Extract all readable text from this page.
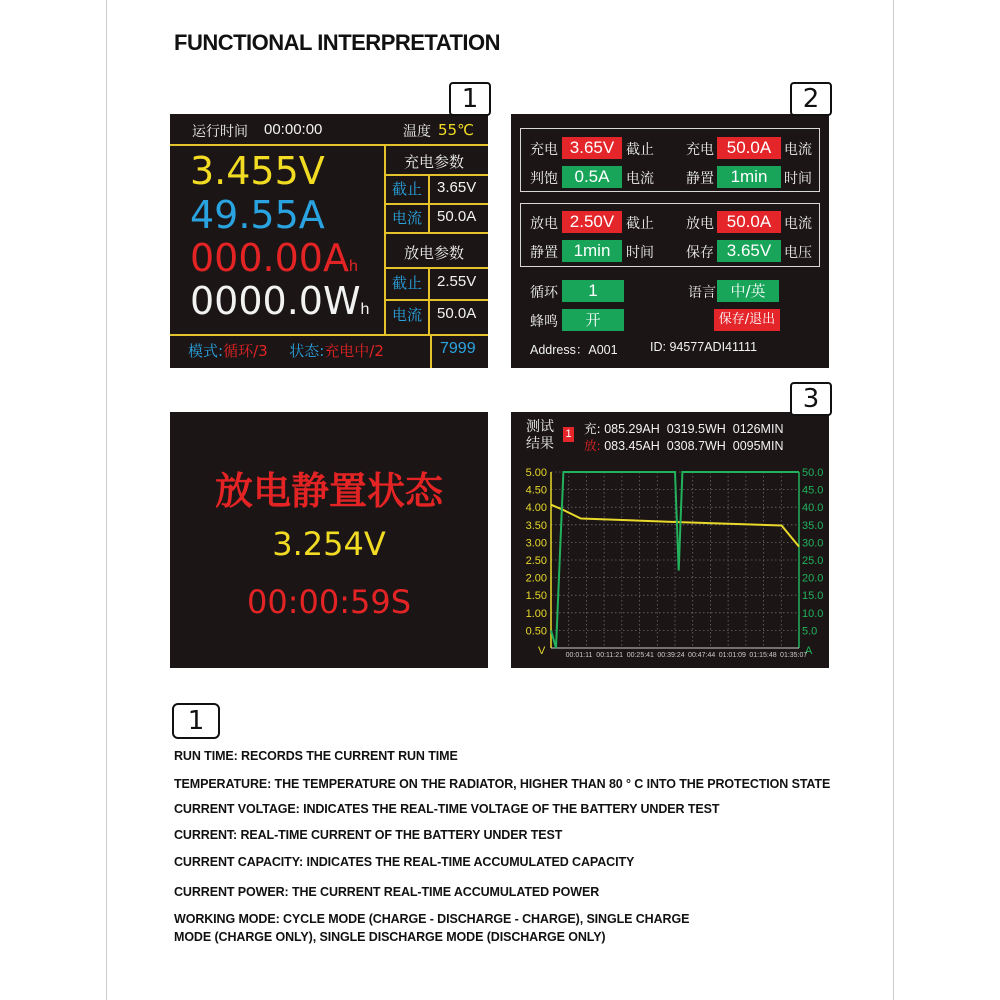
FUNCTIONAL INTERPRETATION
运行时间 00:00:00	温度 55℃
3.455V
49.55A
000.00Ah
0000.0Wh
充电参数
截止 3.65V
电流 50.0A
放电参数
截止 2.55V
电流 50.0A
模式:循环/3 状态:充电中/2	7999
1
充电 3.65V 截止 充电 50.0A 电流
判饱 0.5A	电流 静置 1min	时间
放电 2.50V 截止 放电 50.0A 电流
静置 1min	时间 保存 3.65V 电压
循环	1	语言 中/英
蜂鸣	开	保存/退出
Address：A001	ID: 94577ADI41111
2
放电静置状态
3.254V
00:00:59S
测试
结果
1 充: 085.29AH  0319.5WH  0126MIN
放: 083.45AH  0308.7WH  0095MIN
5.00
4.50
4.00
3.50
3.00
2.50
2.00
1.50
1.00
0.50
50.0
45.0
40.0
35.0
30.0
25.0
20.0
15.0
10.0
5.0
V	A
00:01:11 00:11:21 00:25:41 00:39:24 00:47:44 01:01:09 01:15:48 01:35:07
3
1
RUN TIME: RECORDS THE CURRENT RUN TIME
TEMPERATURE: THE TEMPERATURE ON THE RADIATOR, HIGHER THAN 80 ° C INTO THE PROTECTION STATE
CURRENT VOLTAGE: INDICATES THE REAL-TIME VOLTAGE OF THE BATTERY UNDER TEST
CURRENT: REAL-TIME CURRENT OF THE BATTERY UNDER TEST
CURRENT CAPACITY: INDICATES THE REAL-TIME ACCUMULATED CAPACITY
CURRENT POWER: THE CURRENT REAL-TIME ACCUMULATED POWER
WORKING MODE: CYCLE MODE (CHARGE - DISCHARGE - CHARGE), SINGLE CHARGE
MODE (CHARGE ONLY), SINGLE DISCHARGE MODE (DISCHARGE ONLY)
